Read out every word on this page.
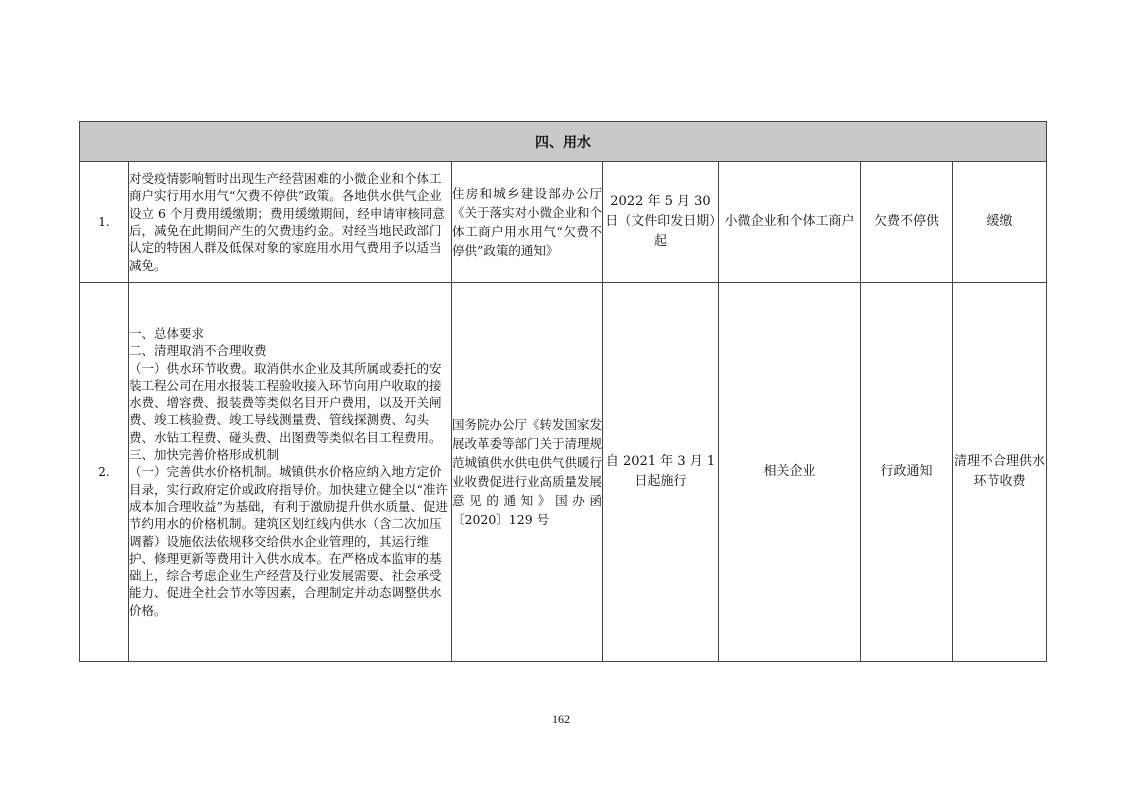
四、用水						
1.	对受疫情影响暂时出现生产经营困难的小微企业和个体工商户实行用水用气“欠费不停供”政策。各地供水供气企业设立 6 个月费用缓缴期；费用缓缴期间，经申请审核同意后，减免在此期间产生的欠费违约金。对经当地民政部门认定的特困人群及低保对象的家庭用水用气费用予以适当减免。	住房和城乡建设部办公厅《关于落实对小微企业和个体工商户用水用气“欠费不停供”政策的通知》	2022 年 5 月 30 日（文件印发日期）起	小微企业和个体工商户	欠费不停供	缓缴
2.	一、总体要求

二、清理取消不合理收费

（一）供水环节收费。取消供水企业及其所属或委托的安装工程公司在用水报装工程验收接入环节向用户收取的接水费、增容费、报装费等类似名目开户费用，以及开关闸费、竣工核验费、竣工导线测量费、管线探测费、勾头费、水钻工程费、碰头费、出图费等类似名目工程费用。

三、加快完善价格形成机制

（一）完善供水价格机制。城镇供水价格应纳入地方定价目录，实行政府定价或政府指导价。加快建立健全以“准许成本加合理收益”为基础，有利于激励提升供水质量、促进节约用水的价格机制。建筑区划红线内供水（含二次加压调蓄）设施依法依规移交给供水企业管理的，其运行维护、修理更新等费用计入供水成本。在严格成本监审的基础上，综合考虑企业生产经营及行业发展需要、社会承受能力、促进全社会节水等因素，合理制定并动态调整供水价格。	国务院办公厅《转发国家发展改革委等部门关于清理规范城镇供水供电供气供暖行业收费促进行业高质量发展意见的通知》国办函〔2020〕129 号	自 2021 年 3 月 1 日起施行	相关企业	行政通知	清理不合理供水环节收费
162
